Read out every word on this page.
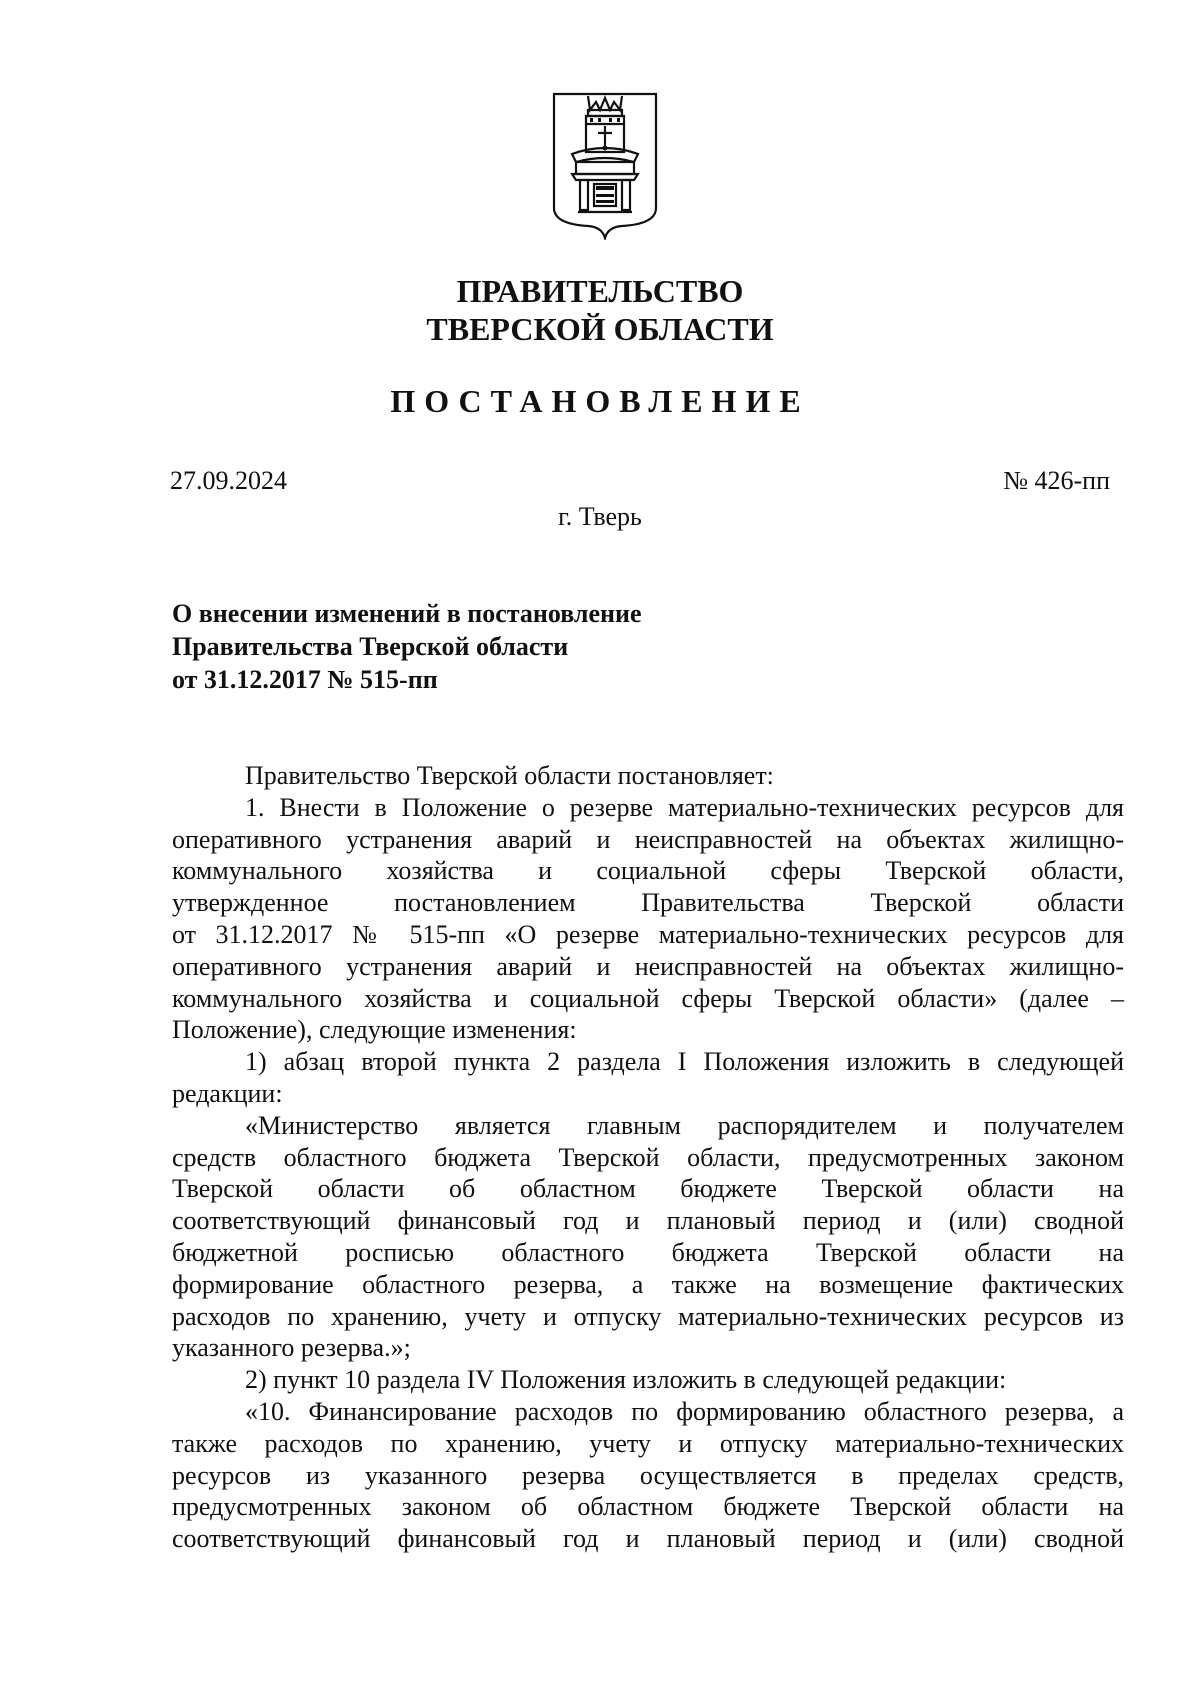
ПРАВИТЕЛЬСТВО
ТВЕРСКОЙ ОБЛАСТИ
ПОСТАНОВЛЕНИЕ
27.09.2024	№ 426-пп
г. Тверь
О внесении изменений в постановление
Правительства Тверской области
от 31.12.2017 № 515-пп
Правительство Тверской области постановляет:
1. Внести в Положение о резерве материально-технических ресурсов для
оперативного устранения аварий и неисправностей на объектах жилищно-
коммунального хозяйства и социальной сферы Тверской области,
утвержденное постановлением Правительства Тверской области
от 31.12.2017 № 515-пп «О резерве материально-технических ресурсов для
оперативного устранения аварий и неисправностей на объектах жилищно-
коммунального хозяйства и социальной сферы Тверской области» (далее –
Положение), следующие изменения:
1) абзац второй пункта 2 раздела I Положения изложить в следующей
редакции:
«Министерство является главным распорядителем и получателем
средств областного бюджета Тверской области, предусмотренных законом
Тверской области об областном бюджете Тверской области на
соответствующий финансовый год и плановый период и (или) сводной
бюджетной росписью областного бюджета Тверской области на
формирование областного резерва, а также на возмещение фактических
расходов по хранению, учету и отпуску материально-технических ресурсов из
указанного резерва.»;
2) пункт 10 раздела IV Положения изложить в следующей редакции:
«10. Финансирование расходов по формированию областного резерва, а
также расходов по хранению, учету и отпуску материально-технических
ресурсов из указанного резерва осуществляется в пределах средств,
предусмотренных законом об областном бюджете Тверской области на
соответствующий финансовый год и плановый период и (или) сводной
